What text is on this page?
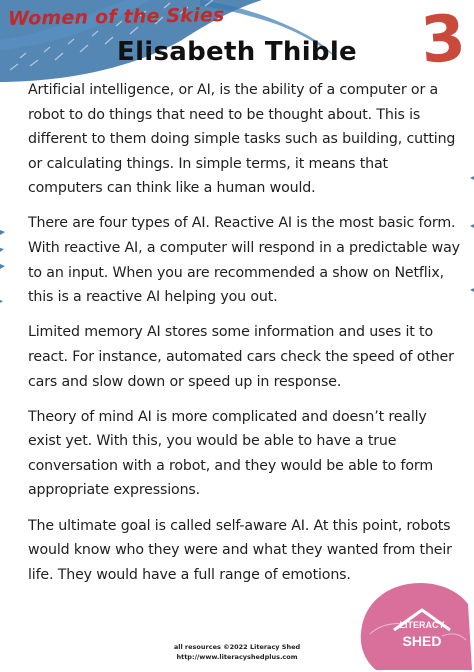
Women of the Skies	3
Elisabeth Thible

Artificial intelligence, or AI, is the ability of a computer or a robot to do things that need to be thought about. This is different to them doing simple tasks such as building, cutting or calculating things. In simple terms, it means that computers can think like a human would.

There are four types of AI. Reactive AI is the most basic form. With reactive AI, a computer will respond in a predictable way to an input. When you are recommended a show on Netflix, this is a reactive AI helping you out.

Limited memory AI stores some information and uses it to react. For instance, automated cars check the speed of other cars and slow down or speed up in response.

Theory of mind AI is more complicated and doesn’t really exist yet. With this, you would be able to have a true conversation with a robot, and they would be able to form appropriate expressions.

The ultimate goal is called self-aware AI. At this point, robots would know who they were and what they wanted from their life. They would have a full range of emotions.

LITERACY
SHED
all resources ©2022 Literacy Shed
http://www.literacyshedplus.com
